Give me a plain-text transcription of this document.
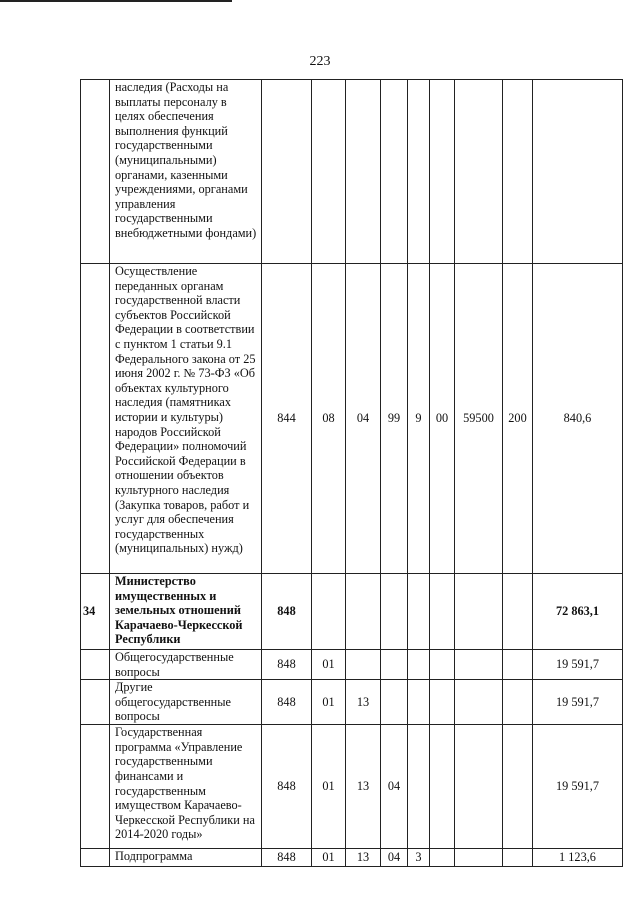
223
	наследия (Расходы на выплаты персоналу в целях обеспечения выполнения функций государственными (муниципальными) органами, казенными учреждениями, органами управления государственными внебюджетными фондами)									
	Осуществление переданных органам государственной власти субъектов Российской Федерации в соответствии с пунктом 1 статьи 9.1 Федерального закона от 25 июня 2002 г. № 73-ФЗ «Об объектах культурного наследия (памятниках истории и культуры) народов Российской Федерации» полномочий Российской Федерации в отношении объектов культурного наследия (Закупка товаров, работ и услуг для обеспечения государственных (муниципальных) нужд)	844	08	04	99	9	00	59500	200	840,6
34	Министерство имущественных и земельных отношений Карачаево-Черкесской Республики	848								72 863,1
	Общегосударственные вопросы	848	01							19 591,7
	Другие общегосударственные вопросы	848	01	13						19 591,7
	Государственная программа «Управление государственными финансами и государственным имуществом Карачаево-Черкесской Республики на 2014-2020 годы»	848	01	13	04					19 591,7
	Подпрограмма	848	01	13	04	3				1 123,6
